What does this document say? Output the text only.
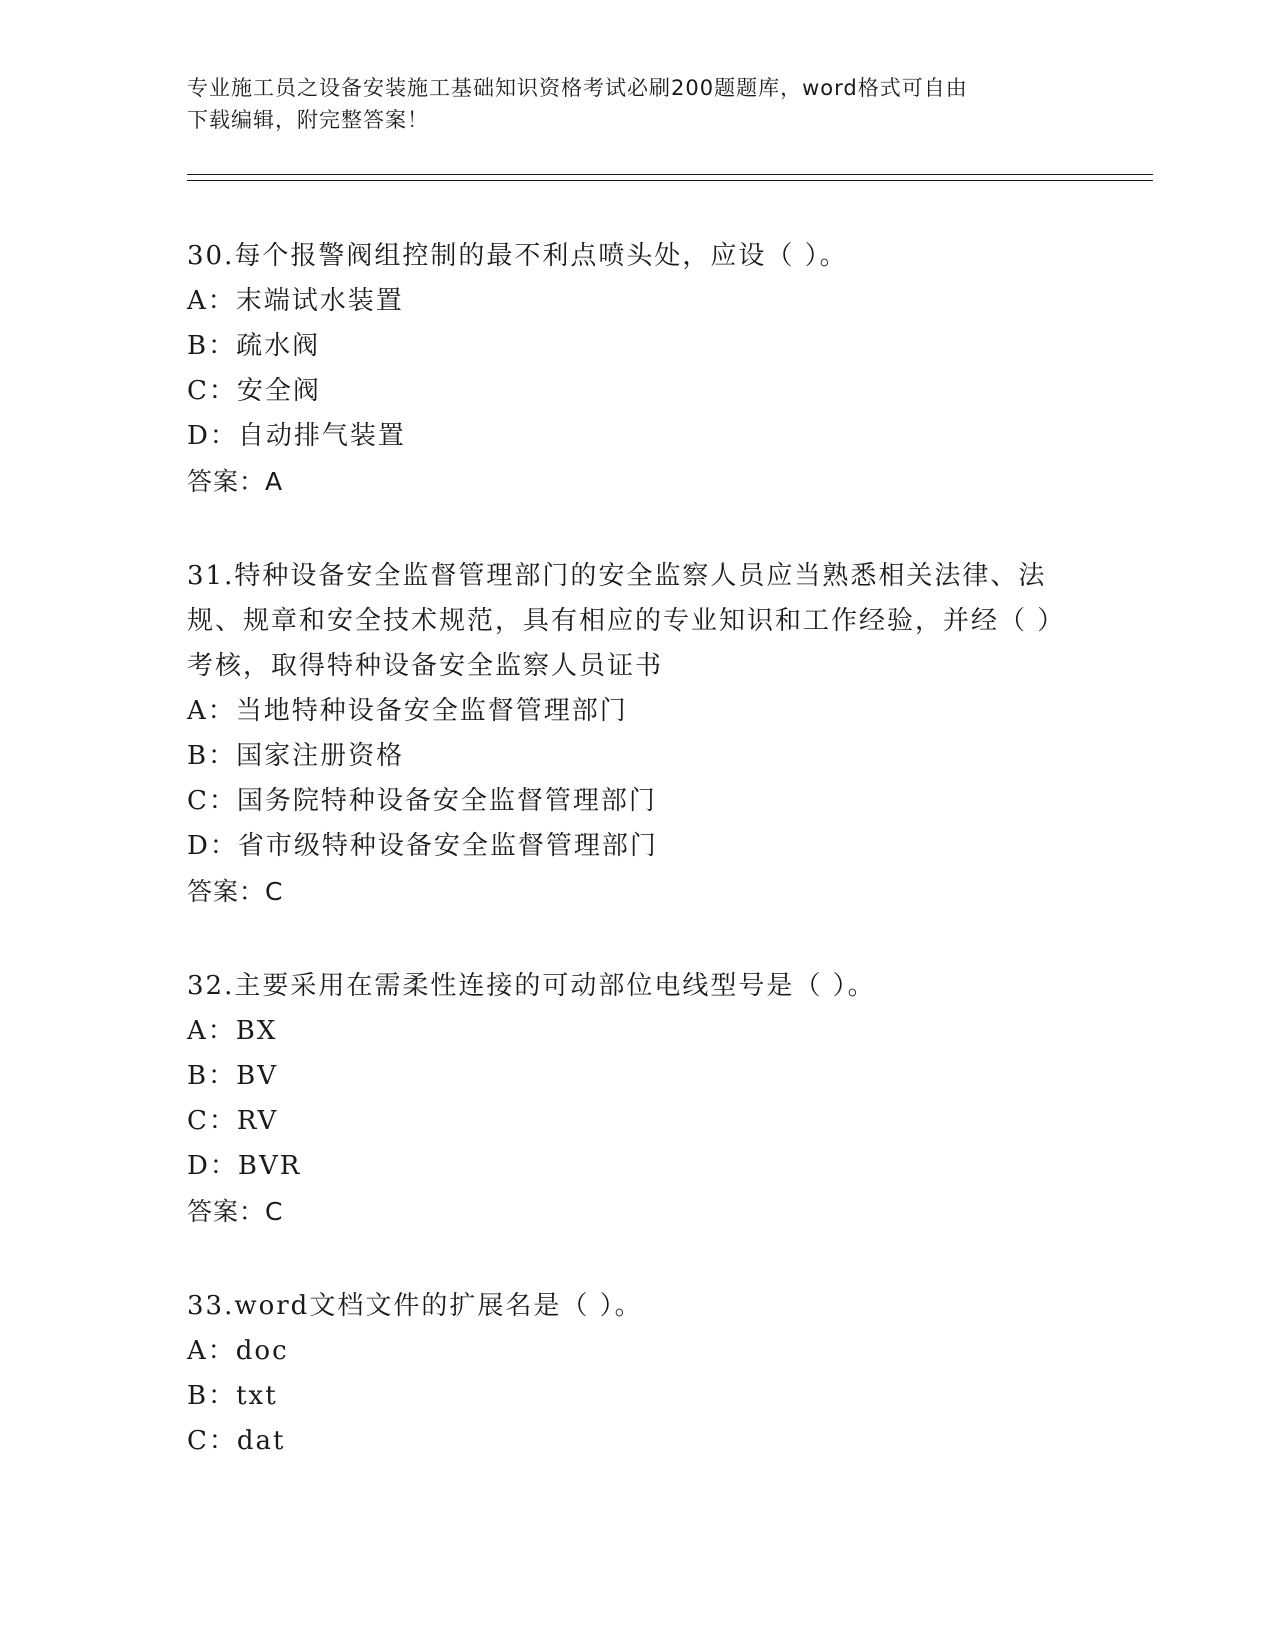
专业施工员之设备安装施工基础知识资格考试必刷200题题库，word格式可自由
下载编辑，附完整答案！

30.每个报警阀组控制的最不利点喷头处，应设（ ）。

A：末端试水装置

B：疏水阀

C：安全阀

D：自动排气装置

答案：A

31.特种设备安全监督管理部门的安全监察人员应当熟悉相关法律、法规、规章和安全技术规范，具有相应的专业知识和工作经验，并经（ ）考核，取得特种设备安全监察人员证书

A：当地特种设备安全监督管理部门

B：国家注册资格

C：国务院特种设备安全监督管理部门

D：省市级特种设备安全监督管理部门

答案：C

32.主要采用在需柔性连接的可动部位电线型号是（ ）。

A：BX

B：BV

C：RV

D：BVR

答案：C

33.word文档文件的扩展名是（ ）。

A：doc

B：txt

C：dat
